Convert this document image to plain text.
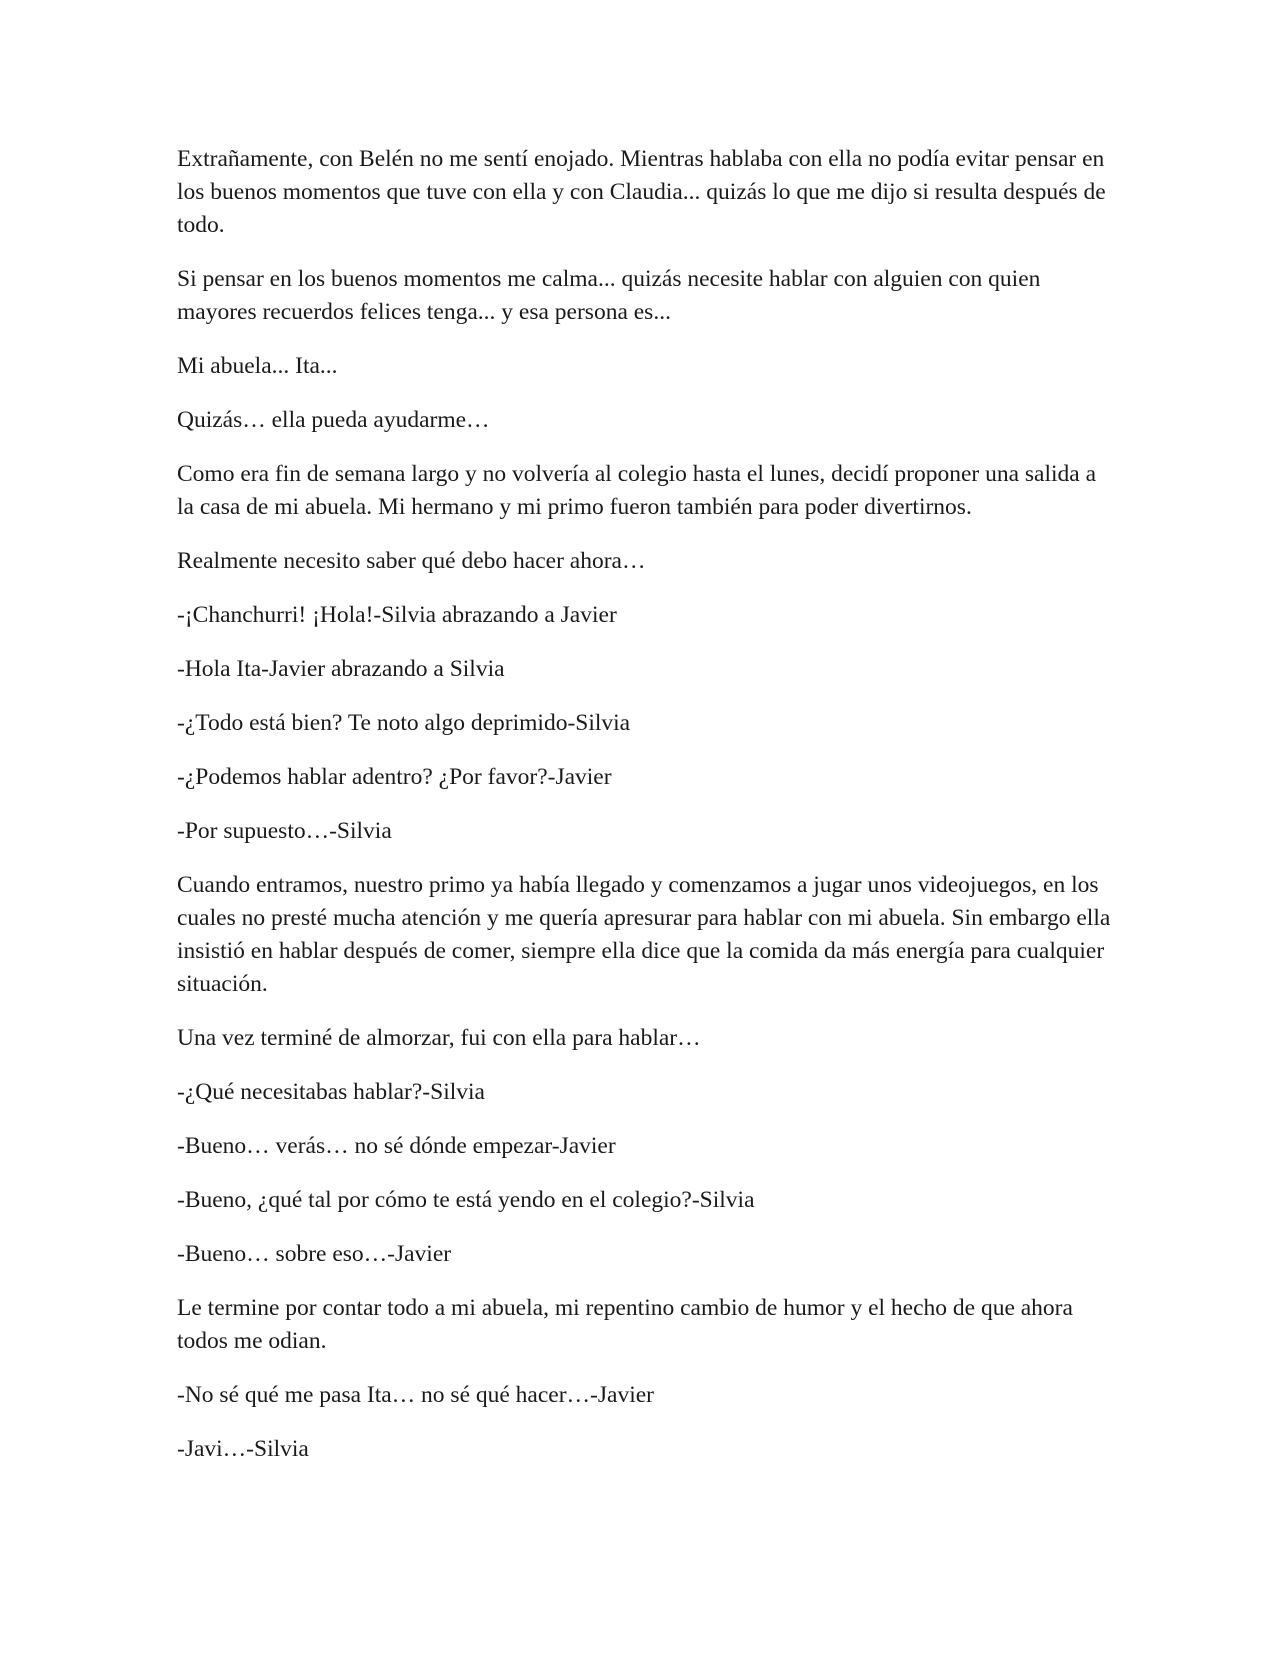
Extrañamente, con Belén no me sentí enojado. Mientras hablaba con ella no podía evitar pensar en los buenos momentos que tuve con ella y con Claudia... quizás lo que me dijo si resulta después de todo.

Si pensar en los buenos momentos me calma... quizás necesite hablar con alguien con quien mayores recuerdos felices tenga... y esa persona es...

Mi abuela... Ita...

Quizás… ella pueda ayudarme…

Como era fin de semana largo y no volvería al colegio hasta el lunes, decidí proponer una salida a la casa de mi abuela. Mi hermano y mi primo fueron también para poder divertirnos.

Realmente necesito saber qué debo hacer ahora…

-¡Chanchurri! ¡Hola!-Silvia abrazando a Javier

-Hola Ita-Javier abrazando a Silvia

-¿Todo está bien? Te noto algo deprimido-Silvia

-¿Podemos hablar adentro? ¿Por favor?-Javier

-Por supuesto…-Silvia

Cuando entramos, nuestro primo ya había llegado y comenzamos a jugar unos videojuegos, en los cuales no presté mucha atención y me quería apresurar para hablar con mi abuela. Sin embargo ella insistió en hablar después de comer, siempre ella dice que la comida da más energía para cualquier situación.

Una vez terminé de almorzar, fui con ella para hablar…

-¿Qué necesitabas hablar?-Silvia

-Bueno… verás… no sé dónde empezar-Javier

-Bueno, ¿qué tal por cómo te está yendo en el colegio?-Silvia

-Bueno… sobre eso…-Javier

Le termine por contar todo a mi abuela, mi repentino cambio de humor y el hecho de que ahora todos me odian.

-No sé qué me pasa Ita… no sé qué hacer…-Javier

-Javi…-Silvia
